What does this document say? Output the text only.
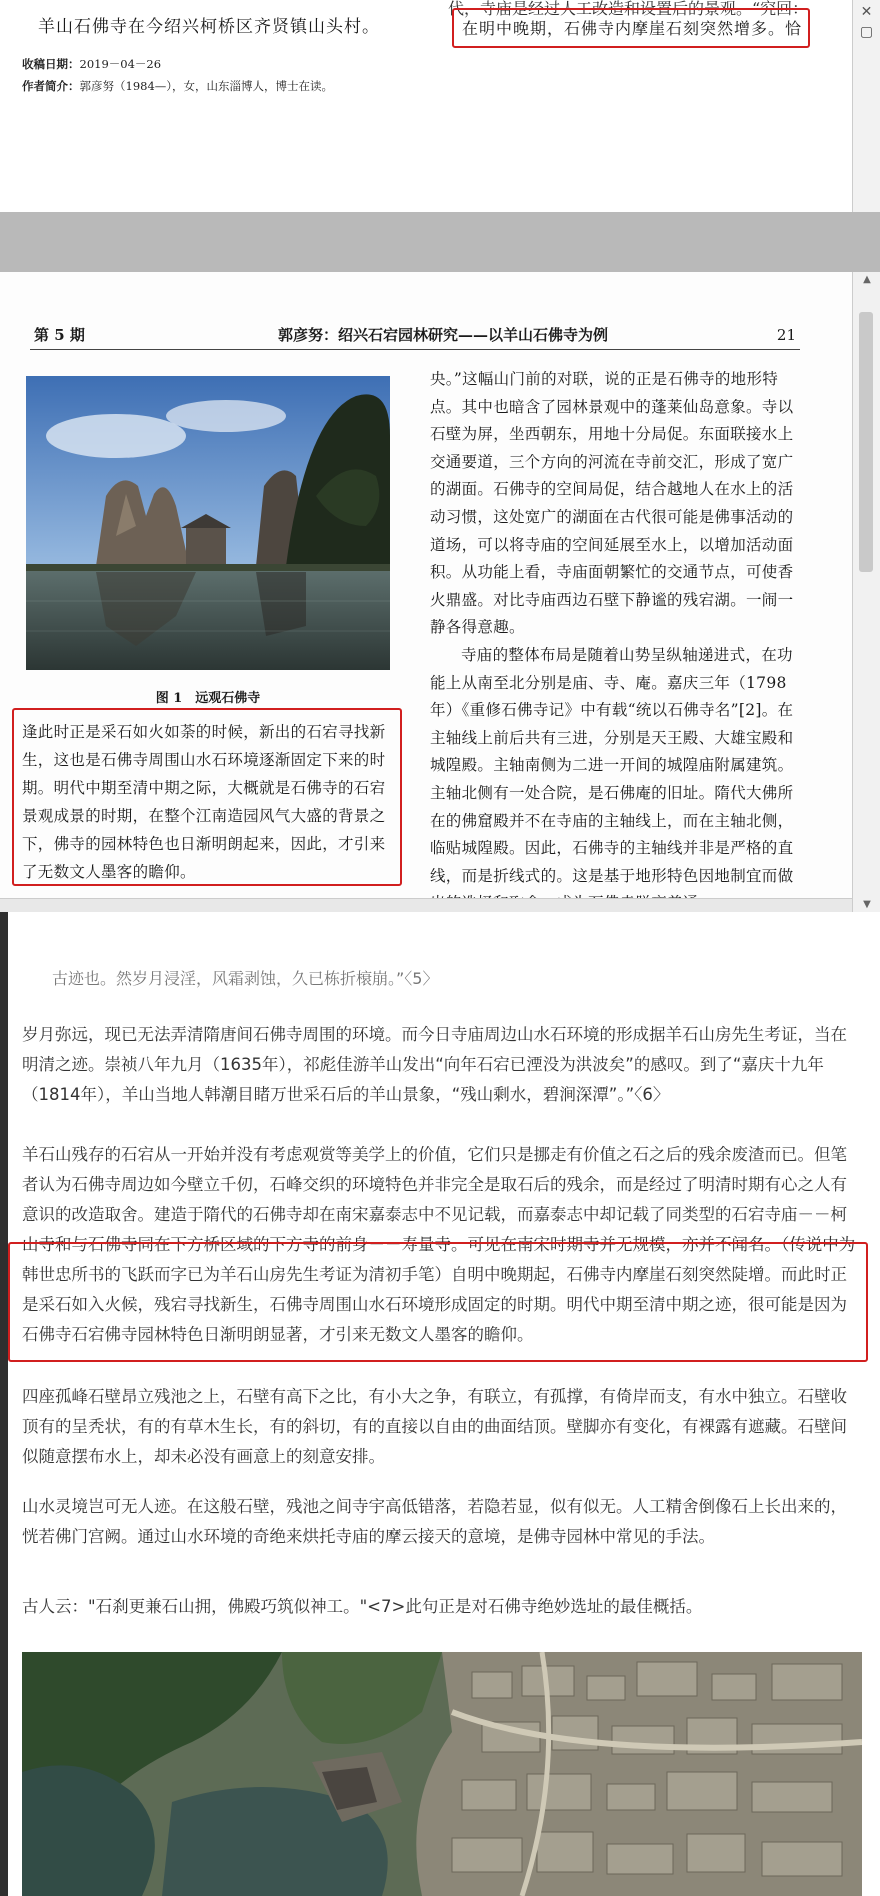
代，寺庙是经过人工改造和设置后的景观。“究回：
羊山石佛寺在今绍兴柯桥区齐贤镇山头村。
收稿日期：2019－04－26
作者简介：郭彦努（1984—），女，山东淄博人，博士在读。
在明中晚期，石佛寺内摩崖石刻突然增多。恰
✕
▢
第 5 期	郭彦努：绍兴石宕园林研究——以羊山石佛寺为例	21
图 1　远观石佛寺
逢此时正是采石如火如荼的时候，新出的石宕寻找新生，这也是石佛寺周围山水石环境逐渐固定下来的时期。明代中期至清中期之际，大概就是石佛寺的石宕景观成景的时期，在整个江南造园风气大盛的背景之下，佛寺的园林特色也日渐明朗起来，因此，才引来了无数文人墨客的瞻仰。

央。”这幅山门前的对联，说的正是石佛寺的地形特点。其中也暗含了园林景观中的蓬莱仙岛意象。寺以石壁为屏，坐西朝东，用地十分局促。东面联接水上交通要道，三个方向的河流在寺前交汇，形成了宽广的湖面。石佛寺的空间局促，结合越地人在水上的活动习惯，这处宽广的湖面在古代很可能是佛事活动的道场，可以将寺庙的空间延展至水上，以增加活动面积。从功能上看，寺庙面朝繁忙的交通节点，可使香火鼎盛。对比寺庙西边石壁下静谧的残宕湖。一闹一静各得意趣。

寺庙的整体布局是随着山势呈纵轴递进式，在功能上从南至北分别是庙、寺、庵。嘉庆三年（1798年）《重修石佛寺记》中有载“统以石佛寺名”[2]。在主轴线上前后共有三进，分别是天王殿、大雄宝殿和城隍殿。主轴南侧为二进一开间的城隍庙附属建筑。主轴北侧有一处合院，是石佛庵的旧址。隋代大佛所在的佛窟殿并不在寺庙的主轴线上，而在主轴北侧，临贴城隍殿。因此，石佛寺的主轴线并非是严格的直线，而是折线式的。这是基于地形特色因地制宜而做

▲
▼
古迹也。然岁月浸淫，风霜剥蚀，久已栋折榱崩。”〈5〉
岁月弥远，现已无法弄清隋唐间石佛寺周围的环境。而今日寺庙周边山水石环境的形成据羊石山房先生考证，当在明清之迹。崇祯八年九月（1635年），祁彪佳游羊山发出“向年石宕已湮没为洪波矣”的感叹。到了“嘉庆十九年（1814年），羊山当地人韩潮目睹万世采石后的羊山景象，“残山剩水，碧涧深潭”。”〈6〉
羊石山残存的石宕从一开始并没有考虑观赏等美学上的价值，它们只是挪走有价值之石之后的残余废渣而已。但笔者认为石佛寺周边如今壁立千仞，石峰交织的环境特色并非完全是取石后的残余，而是经过了明清时期有心之人有意识的改造取舍。建造于隋代的石佛寺却在南宋嘉泰志中不见记载，而嘉泰志中却记载了同类型的石宕寺庙－－柯山寺和与石佛寺同在下方桥区域的下方寺的前身－－寿量寺。可见在南宋时期寺并无规模，亦并不闻名。（传说中为韩世忠所书的飞跃而字已为羊石山房先生考证为清初手笔）自明中晚期起，石佛寺内摩崖石刻突然陡增。而此时正是采石如入火候，残宕寻找新生，石佛寺周围山水石环境形成固定的时期。明代中期至清中期之迹，很可能是因为石佛寺石宕佛寺园林特色日渐明朗显著，才引来无数文人墨客的瞻仰。
四座孤峰石壁昂立残池之上，石壁有高下之比，有小大之争，有联立，有孤撑，有倚岸而支，有水中独立。石壁收顶有的呈秃状，有的有草木生长，有的斜切，有的直接以自由的曲面结顶。壁脚亦有变化，有裸露有遮藏。石壁间似随意摆布水上，却未必没有画意上的刻意安排。
山水灵境岂可无人迹。在这般石壁，残池之间寺宇高低错落，若隐若显，似有似无。人工精舍倒像石上长出来的，恍若佛门宫阙。通过山水环境的奇绝来烘托寺庙的摩云接天的意境，是佛寺园林中常见的手法。
古人云："石刹更兼石山拥，佛殿巧筑似神工。"<7>此句正是对石佛寺绝妙选址的最佳概括。
